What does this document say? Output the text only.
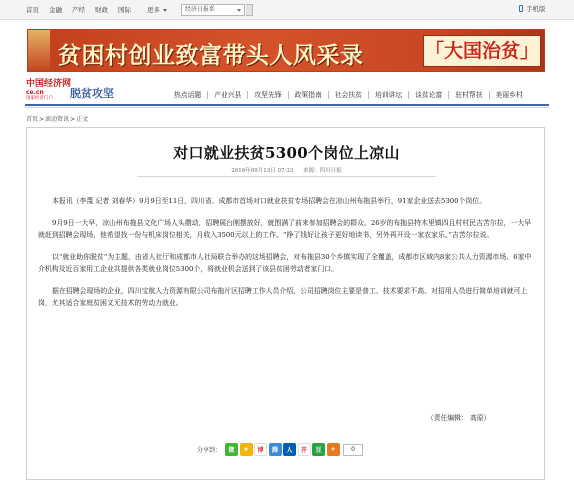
首页 金融 产经 财政 国际 更多	经济日报系	手机版
贫困村创业致富带头人风采录	「大国治贫」
中国经济网
ce.cn
国家经济门户	脱贫攻坚	热点话题	产业兴县	攻坚先锋	政策指南	社会扶贫	培训讲坛	谈贫论富	驻村帮扶	美丽乡村
首页>滚动资讯>正文
对口就业扶贫5300个岗位上凉山
2016年09月13日 07:33 来源：四川日报

本报讯（李蔑 记者 刘春华）9月9日至11日，四川省、成都市首场对口就业扶贫专场招聘会在凉山州布拖县举行，91家企业送去5300个岗位。

9月9日一大早，凉山州布拖县文化广场人头攒动，招聘展台刚摆放好，就围满了前来参加招聘会的群众。26岁的布拖县特木里镇四且村村民吉苦尔拉，一大早就赶到招聘会现场，他希望找一份与机床岗位相关，月收入3500元以上的工作。“挣了钱好让孩子更好地读书，另外再开设一家农家乐。”吉苦尔拉说。

以“就业助你脱贫”为主题，由省人社厅和成都市人社局联合举办的这场招聘会，对布拖县30个乡镇实现了全覆盖，成都市区域内8家公共人力资源市场、6家中介机构及近百家用工企业共提供各类就业岗位5300个，将就业机会送到了该县贫困劳动者家门口。

据在招聘会现场的企业，四川宝航人力资源有限公司布拖片区招聘工作人员介绍，公司招聘岗位主要是普工、技术要求不高、对招用人员进行简单培训就可上岗，尤其适合家庭贫困又无技术的劳动力就业。

（责任编辑： 高原）
分享到：	微	★	博	腾	人	开	豆	+	0
